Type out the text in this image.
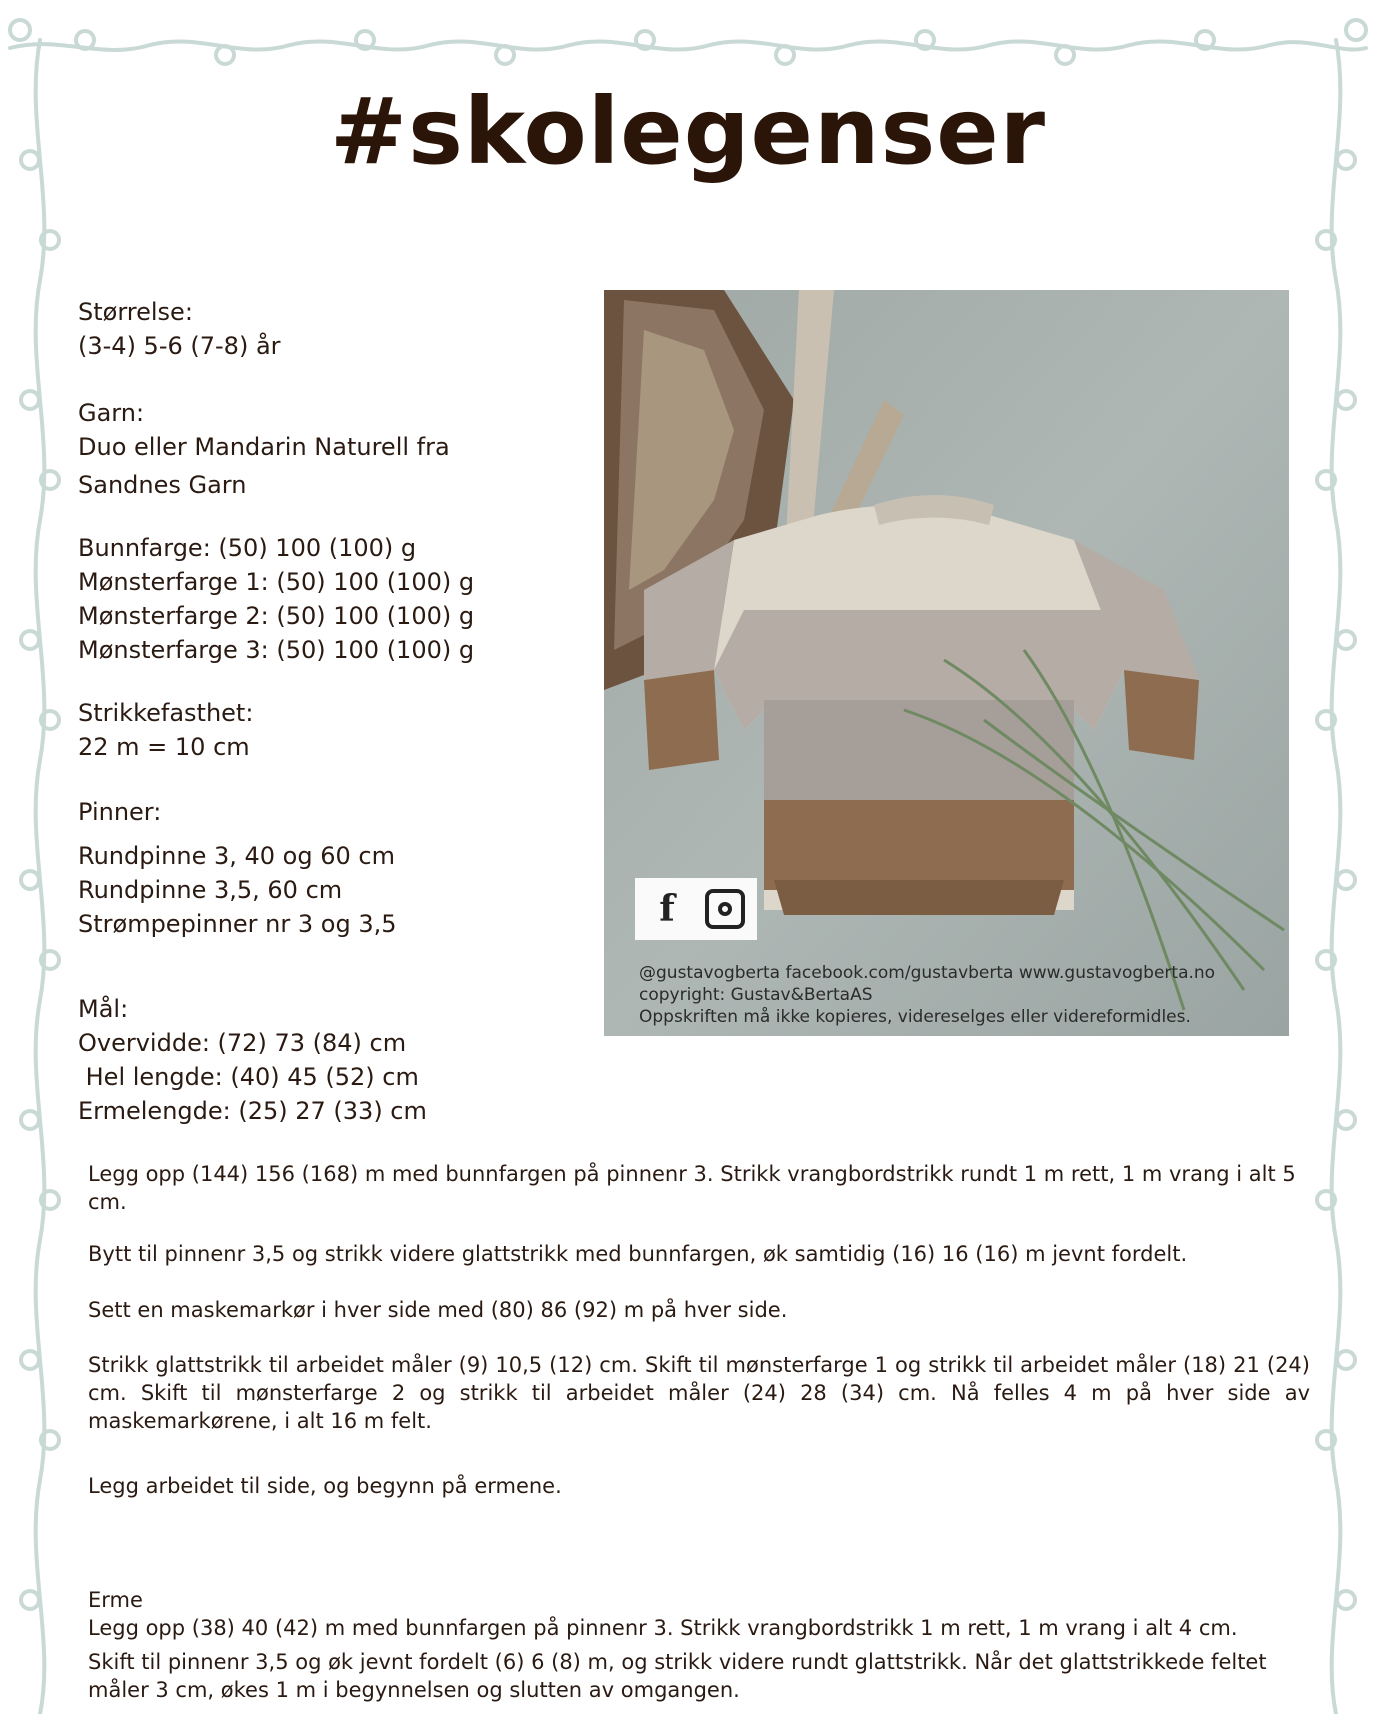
#skolegenser
Størrelse:
(3-4) 5-6 (7-8) år
Garn:
Duo eller Mandarin Naturell fra
Sandnes Garn
Bunnfarge: (50) 100 (100) g
Mønsterfarge 1: (50) 100 (100) g
Mønsterfarge 2: (50) 100 (100) g
Mønsterfarge 3: (50) 100 (100) g
Strikkefasthet:
22 m = 10 cm
Pinner:
Rundpinne 3, 40 og 60 cm
Rundpinne 3,5, 60 cm
Strømpepinner nr 3 og 3,5
Mål:
Overvidde: (72) 73 (84) cm
Hel lengde: (40) 45 (52) cm
Ermelengde: (25) 27 (33) cm
f
@gustavogberta facebook.com/gustavberta www.gustavogberta.no
copyright: Gustav&BertaAS
Oppskriften må ikke kopieres, videreselges eller videreformidles.
Legg opp (144) 156 (168) m med bunnfargen på pinnenr 3. Strikk vrangbordstrikk rundt 1 m rett, 1 m vrang i alt 5 cm.
Bytt til pinnenr 3,5 og strikk videre glattstrikk med bunnfargen, øk samtidig (16) 16 (16) m jevnt fordelt.
Sett en maskemarkør i hver side med (80) 86 (92) m på hver side.
Strikk glattstrikk til arbeidet måler (9) 10,5 (12) cm. Skift til mønsterfarge 1 og strikk til arbeidet måler (18) 21 (24) cm. Skift til mønsterfarge 2 og strikk til arbeidet måler (24) 28 (34) cm. Nå felles 4 m på hver side av maskemarkørene, i alt 16 m felt.
Legg arbeidet til side, og begynn på ermene.
Erme
Legg opp (38) 40 (42) m med bunnfargen på pinnenr 3. Strikk vrangbordstrikk 1 m rett, 1 m vrang i alt 4 cm.
Skift til pinnenr 3,5 og øk jevnt fordelt (6) 6 (8) m, og strikk videre rundt glattstrikk. Når det glattstrikkede feltet måler 3 cm, økes 1 m i begynnelsen og slutten av omgangen.
